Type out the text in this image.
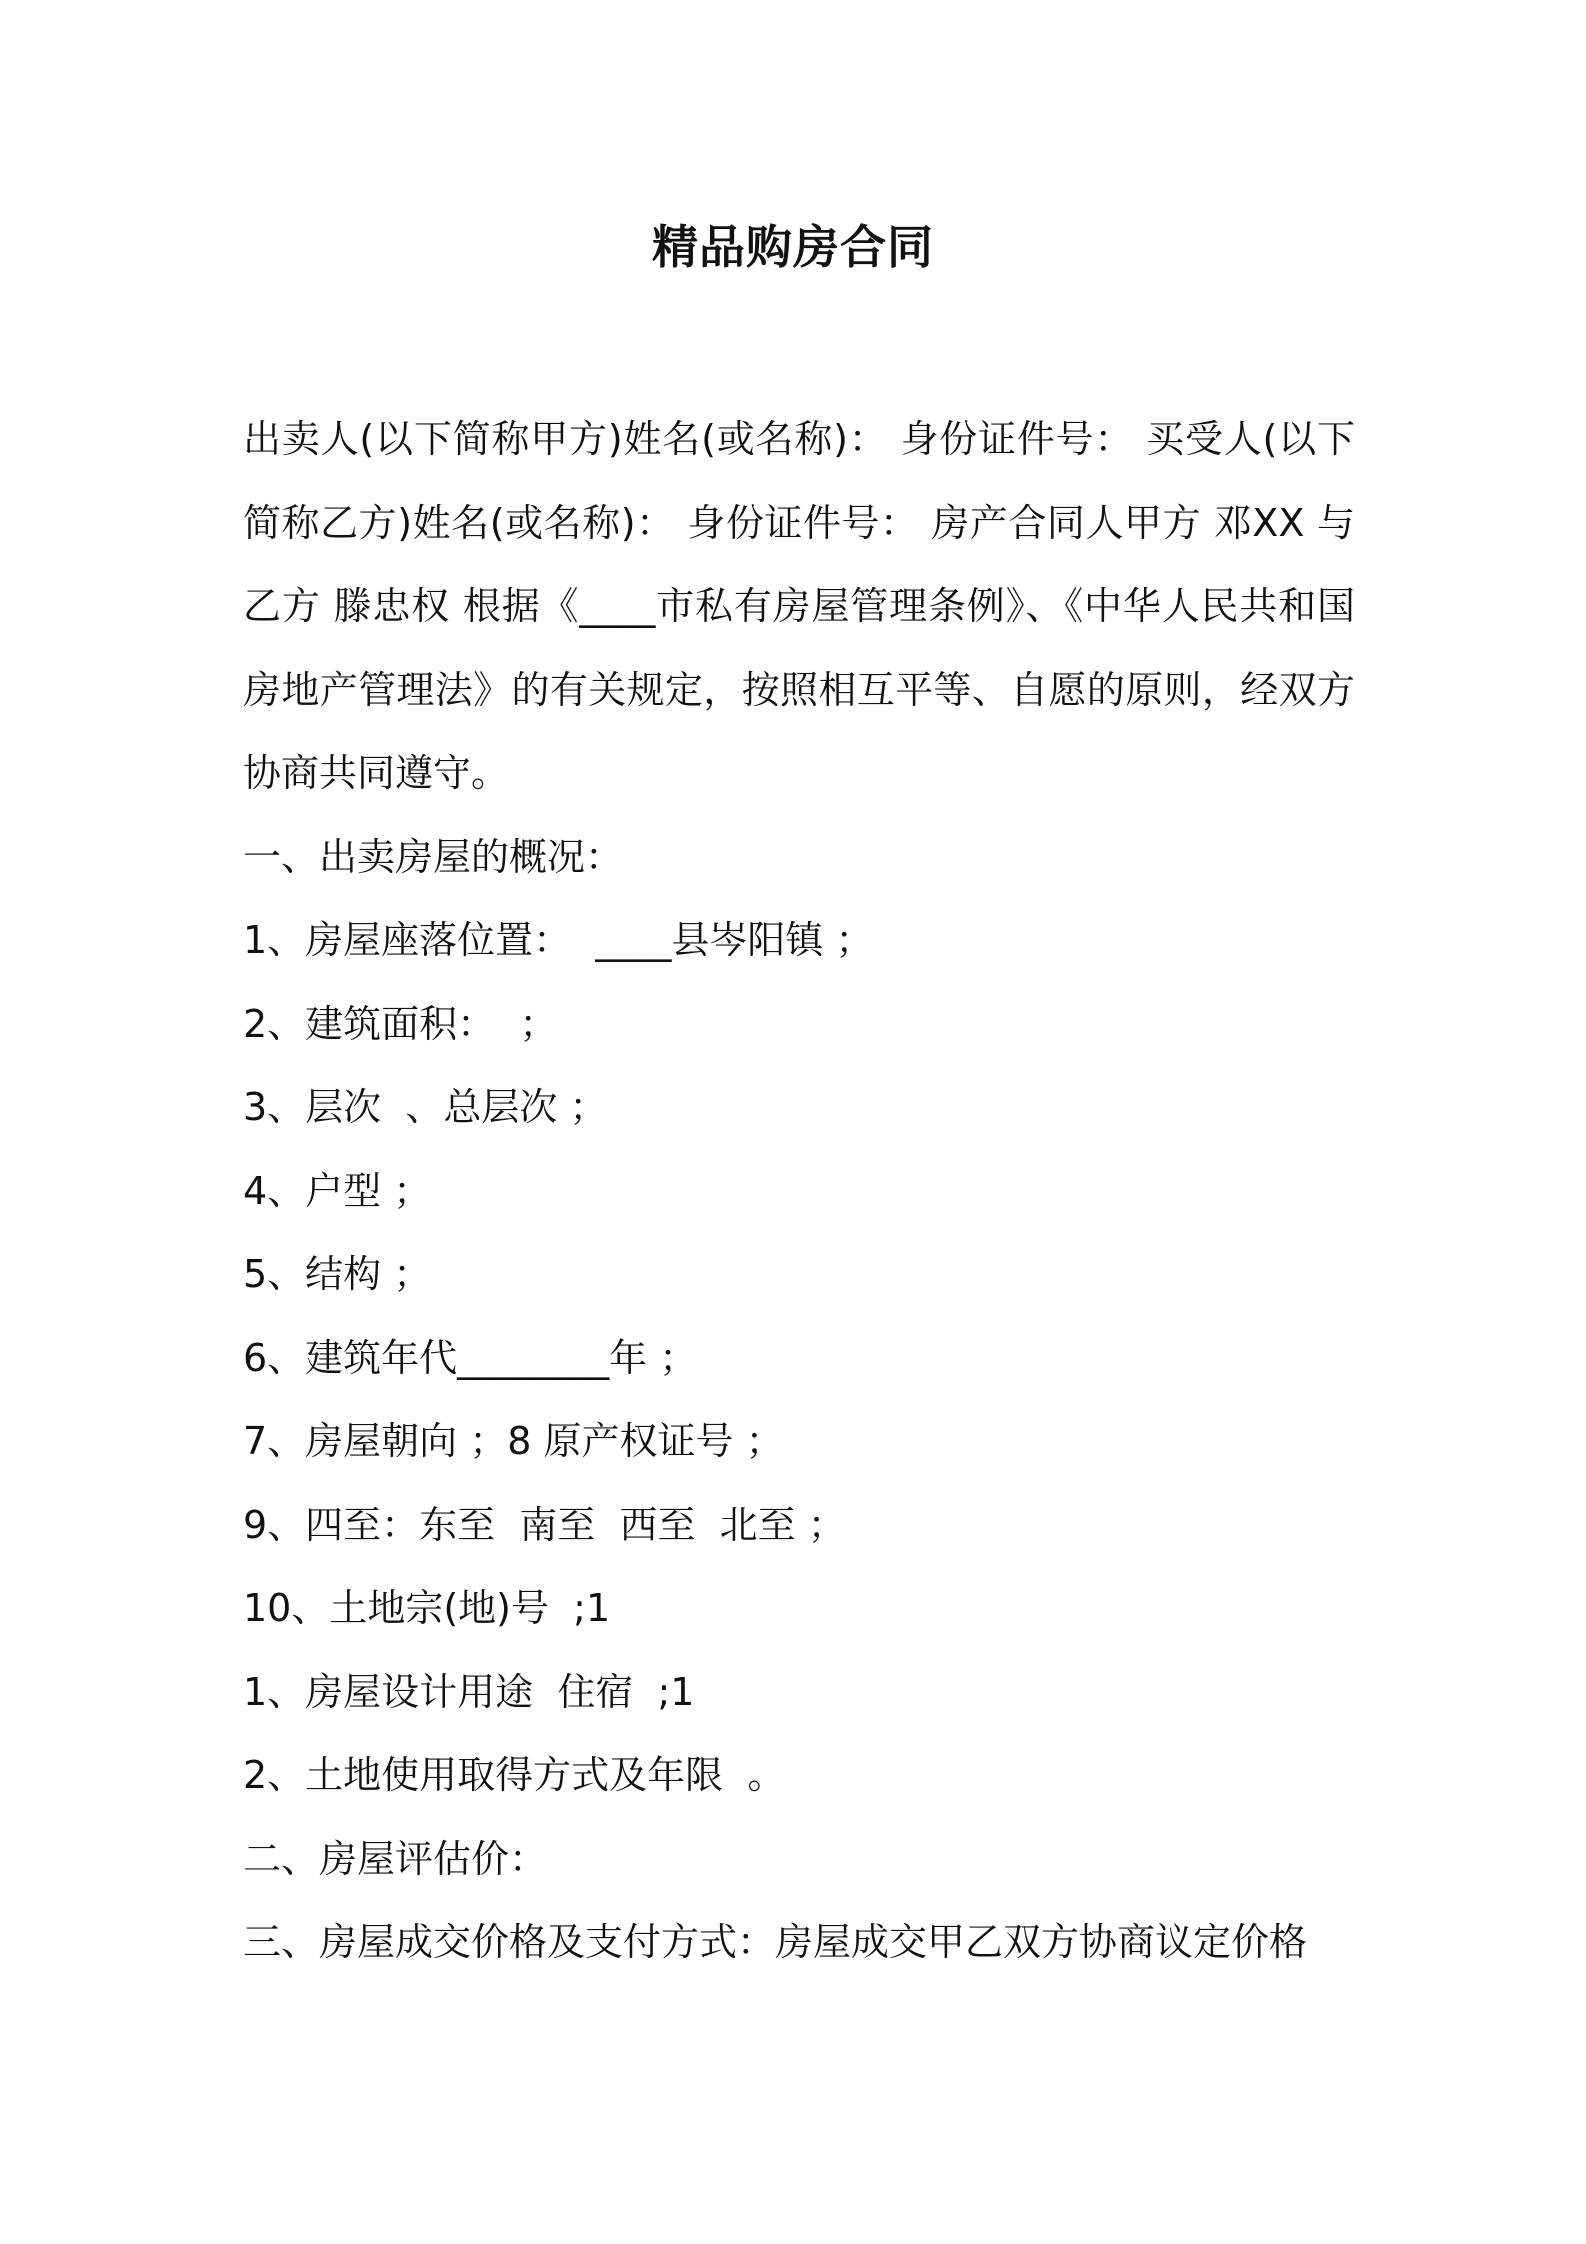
精品购房合同

出卖人(以下简称甲方)姓名(或名称)： 身份证件号： 买受人(以下简称乙方)姓名(或名称)： 身份证件号： 房产合同人甲方 邓XX 与乙方 滕忠权 根据《____市私有房屋管理条例》、《中华人民共和国房地产管理法》的有关规定，按照相互平等、自愿的原则，经双方协商共同遵守。

一、出卖房屋的概况：
1、房屋座落位置：  ____县岑阳镇 ；
2、建筑面积：  ；
3、层次  、总层次 ；
4、户型 ；
5、结构 ；
6、建筑年代________年 ；
7、房屋朝向 ；8 原产权证号 ；
9、四至：东至  南至  西至  北至 ；
10、土地宗(地)号  ;1
1、房屋设计用途  住宿  ;1
2、土地使用取得方式及年限  。
二、房屋评估价：
三、房屋成交价格及支付方式：房屋成交甲乙双方协商议定价格
